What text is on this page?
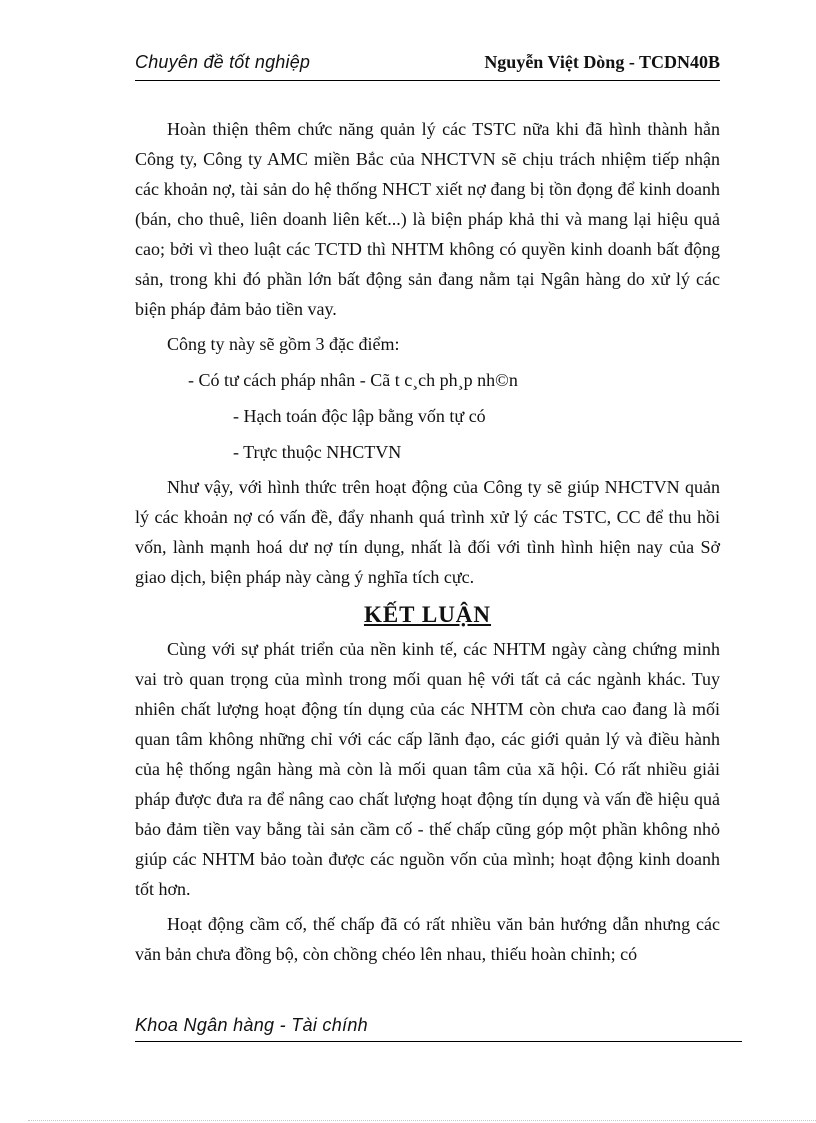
Chuyên đề tốt nghiệp	Nguyễn Việt Dòng - TCDN40B

Hoàn thiện thêm chức năng quản lý các TSTC nữa khi đã hình thành hẳn Công ty, Công ty AMC miền Bắc của NHCTVN sẽ chịu trách nhiệm tiếp nhận các khoản nợ, tài sản do hệ thống NHCT xiết nợ đang bị tồn đọng để kinh doanh (bán, cho thuê, liên doanh liên kết...) là biện pháp khả thi và mang lại hiệu quả cao; bởi vì theo luật các TCTD thì NHTM không có quyền kinh doanh bất động sản, trong khi đó phần lớn bất động sản đang nằm tại Ngân hàng do xử lý các biện pháp đảm bảo tiền vay.

Công ty này sẽ gồm 3 đặc điểm:

- Có tư cách pháp nhân - Cã t c¸ch ph¸p nh©n

- Hạch toán độc lập bằng vốn tự có

- Trực thuộc NHCTVN

Như vậy, với hình thức trên hoạt động của Công ty sẽ giúp NHCTVN quản lý các khoản nợ có vấn đề, đẩy nhanh quá trình xử lý các TSTC, CC để thu hồi vốn, lành mạnh hoá dư nợ tín dụng, nhất là đối với tình hình hiện nay của Sở giao dịch, biện pháp này càng ý nghĩa tích cực.

KẾT LUẬN

Cùng với sự phát triển của nền kinh tế, các NHTM ngày càng chứng minh vai trò quan trọng của mình trong mối quan hệ với tất cả các ngành khác. Tuy nhiên chất lượng hoạt động tín dụng của các NHTM còn chưa cao đang là mối quan tâm không những chỉ với các cấp lãnh đạo, các giới quản lý và điều hành của hệ thống ngân hàng mà còn là mối quan tâm của xã hội. Có rất nhiều giải pháp được đưa ra để nâng cao chất lượng hoạt động tín dụng và vấn đề hiệu quả bảo đảm tiền vay bằng tài sản cầm cố - thế chấp cũng góp một phần không nhỏ giúp các NHTM bảo toàn được các nguồn vốn của mình; hoạt động kinh doanh tốt hơn.

Hoạt động cầm cố, thế chấp đã có rất nhiều văn bản hướng dẫn nhưng các văn bản chưa đồng bộ, còn chồng chéo lên nhau, thiếu hoàn chỉnh; có

Khoa Ngân hàng - Tài chính
